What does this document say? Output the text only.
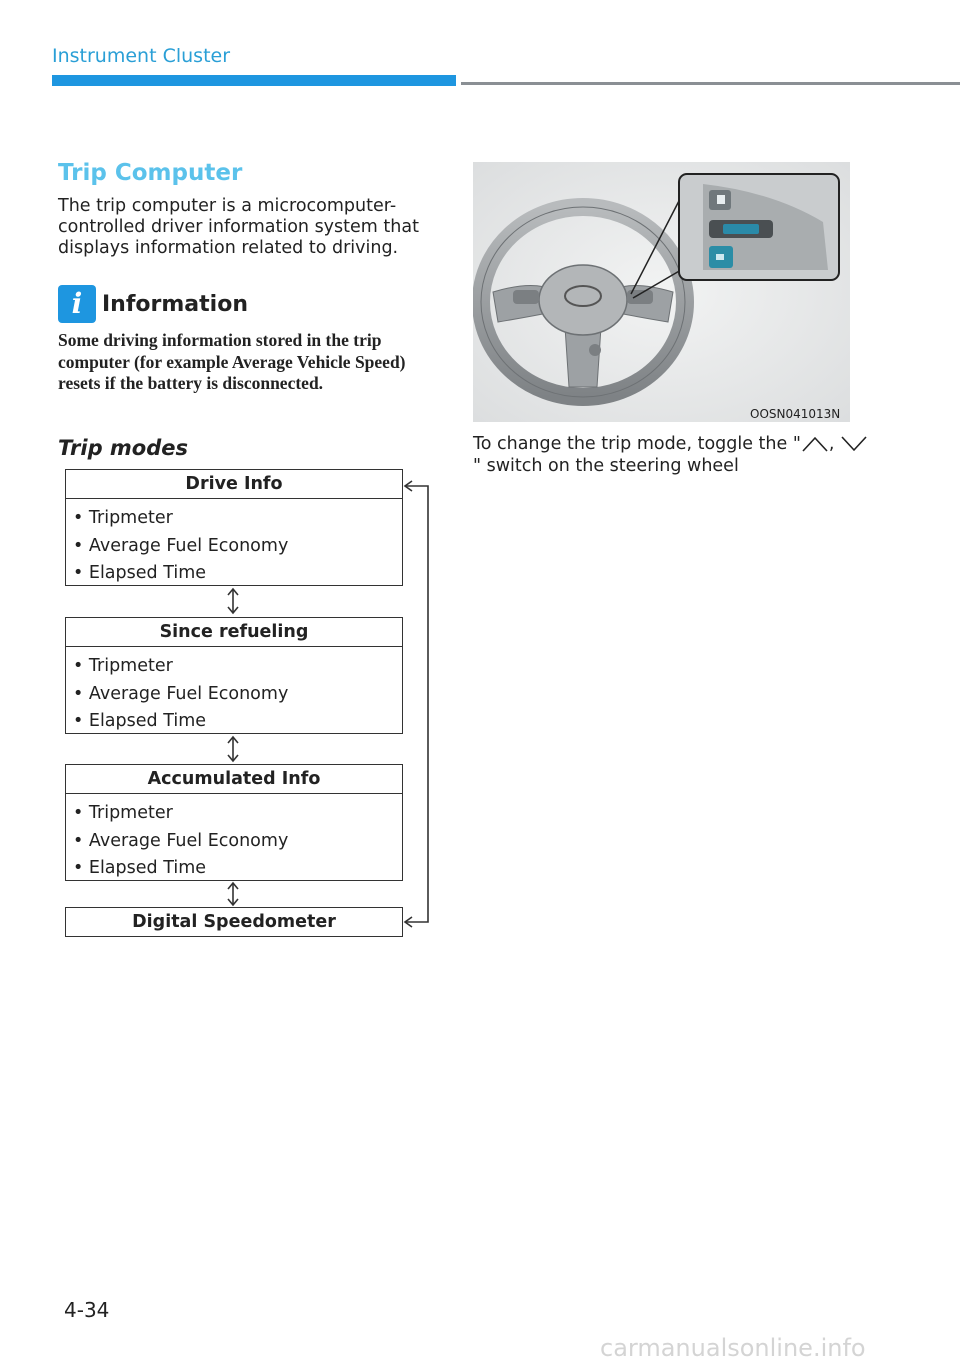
Instrument Cluster
Trip Computer
The trip computer is a microcomputer-controlled driver information system that displays information related to driving.
i Information
Some driving information stored in the trip computer (for example Average Vehicle Speed) resets if the battery is disconnected.
Trip modes
Drive Info
• Tripmeter
• Average Fuel Economy
• Elapsed Time
Since refueling
• Tripmeter
• Average Fuel Economy
• Elapsed Time
Accumulated Info
• Tripmeter
• Average Fuel Economy
• Elapsed Time
Digital Speedometer
OOSN041013N
To change the trip mode, toggle the " , " switch on the steering wheel
4-34
carmanualsonline.info
